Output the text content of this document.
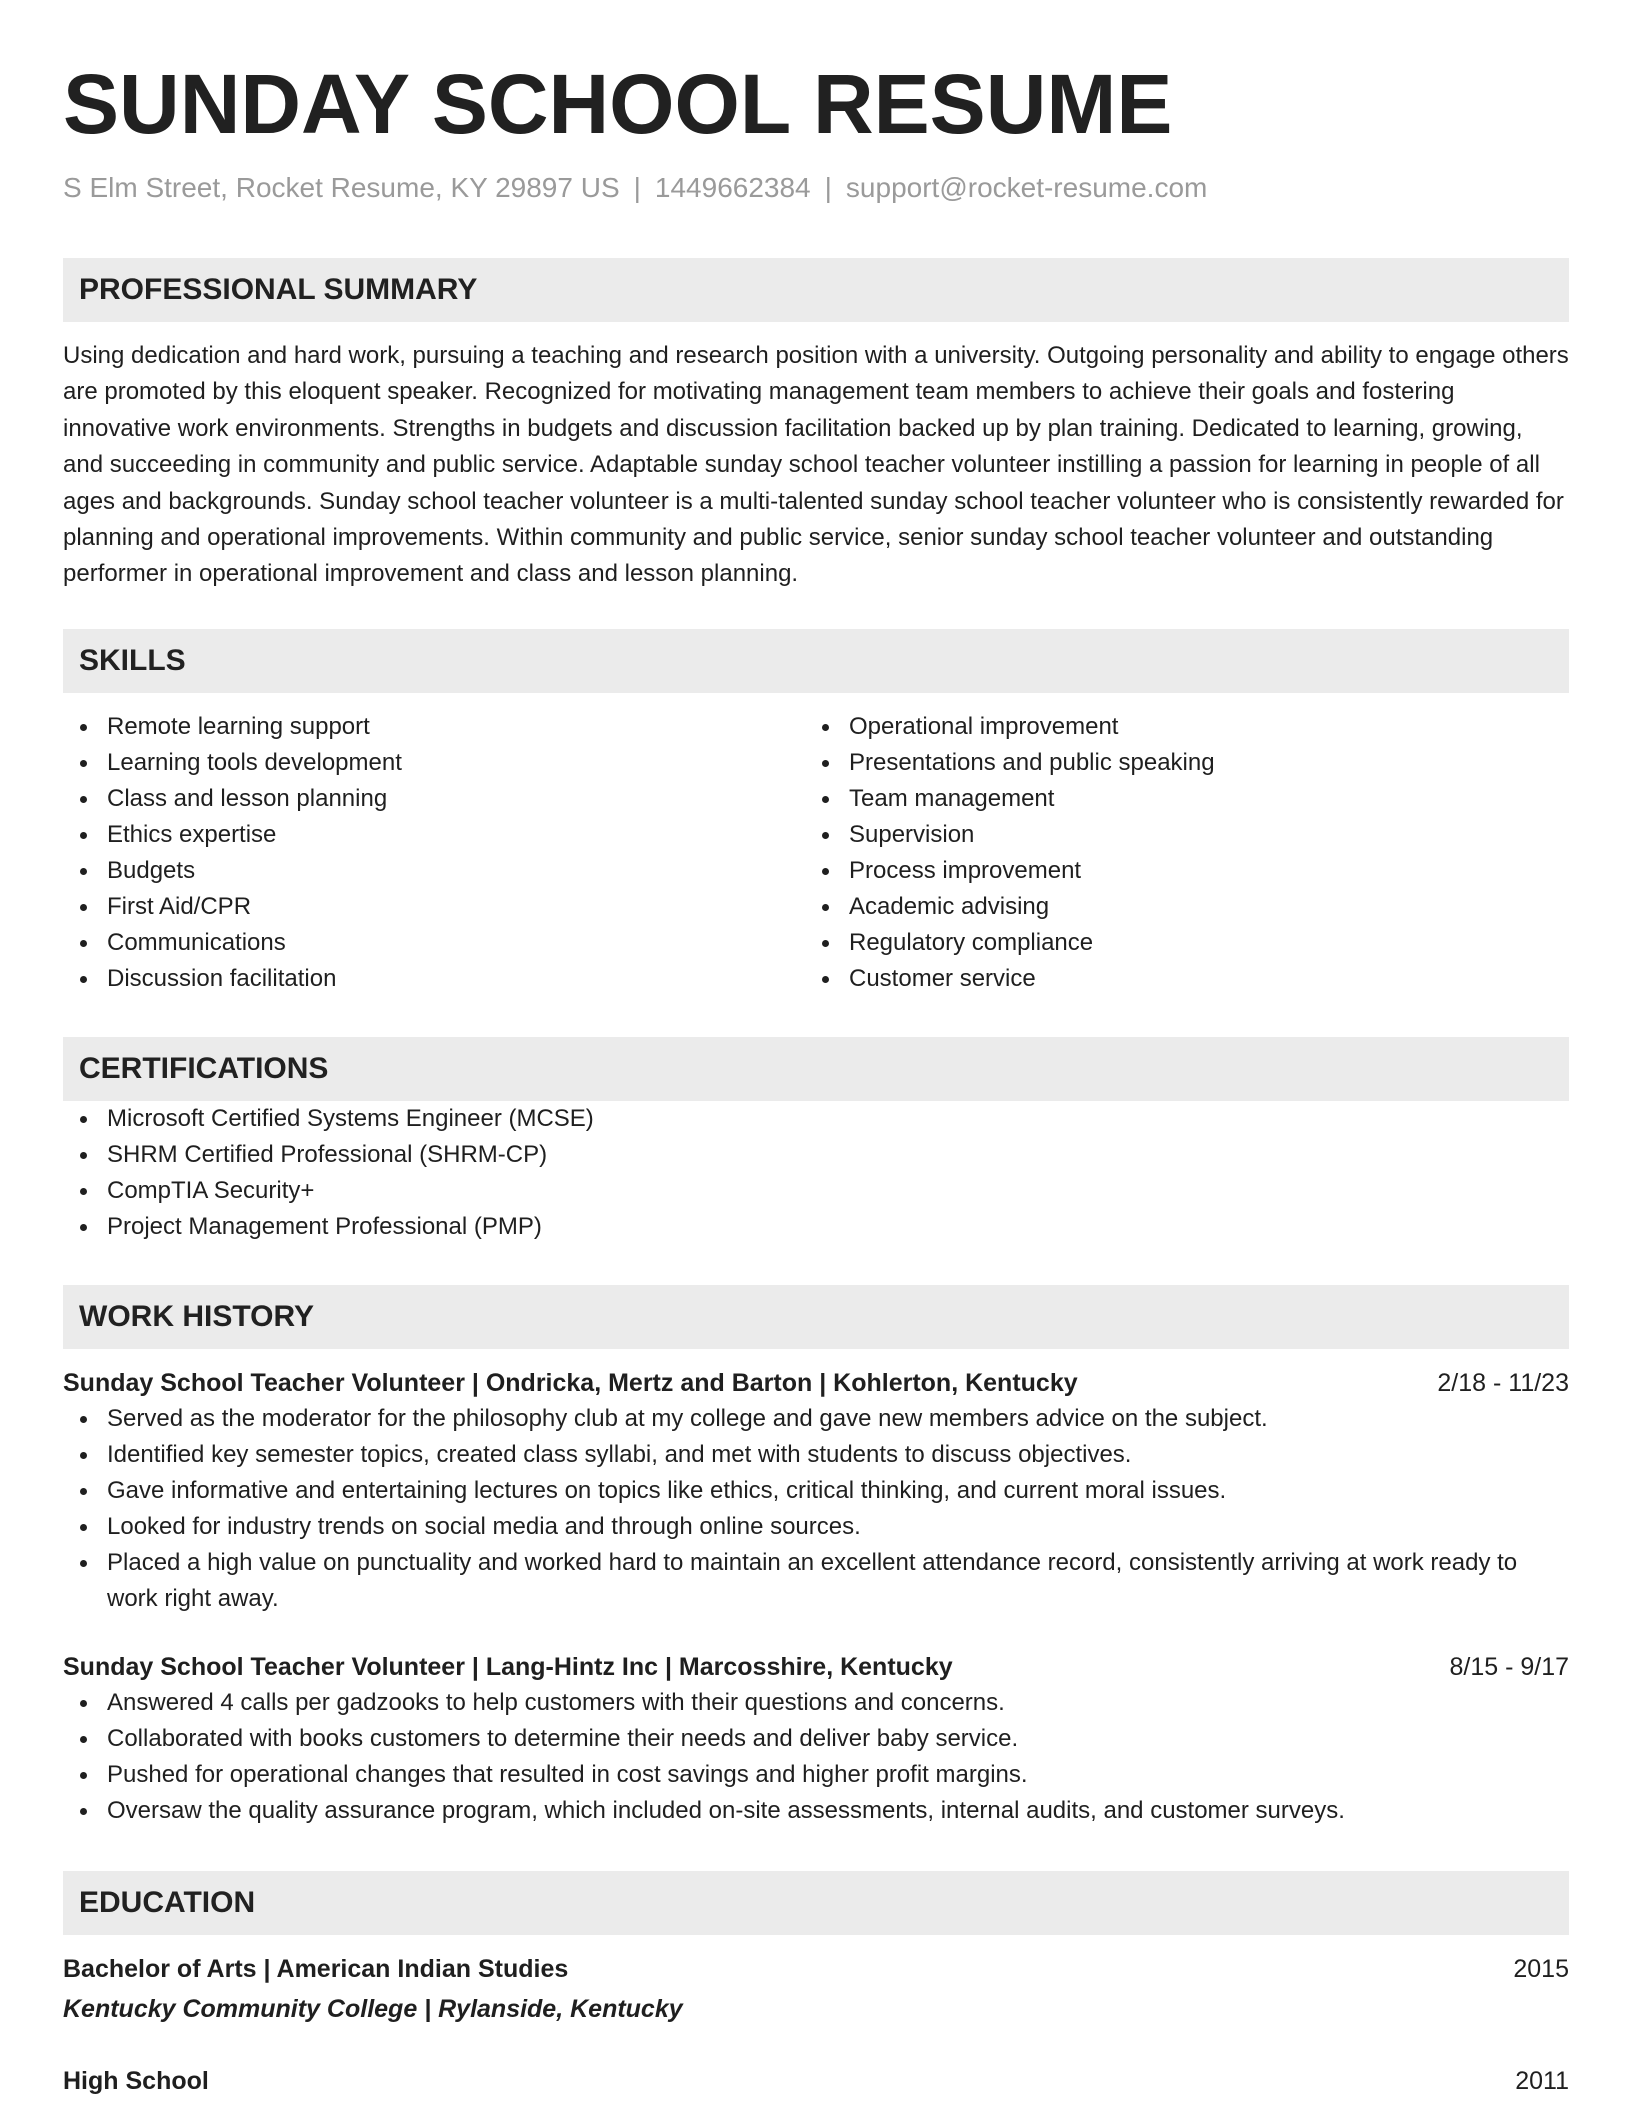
SUNDAY SCHOOL RESUME
S Elm Street, Rocket Resume, KY 29897 US | 1449662384 | support@rocket-resume.com
PROFESSIONAL SUMMARY
Using dedication and hard work, pursuing a teaching and research position with a university. Outgoing personality and ability to engage others are promoted by this eloquent speaker. Recognized for motivating management team members to achieve their goals and fostering innovative work environments. Strengths in budgets and discussion facilitation backed up by plan training. Dedicated to learning, growing, and succeeding in community and public service. Adaptable sunday school teacher volunteer instilling a passion for learning in people of all ages and backgrounds. Sunday school teacher volunteer is a multi-talented sunday school teacher volunteer who is consistently rewarded for planning and operational improvements. Within community and public service, senior sunday school teacher volunteer and outstanding performer in operational improvement and class and lesson planning.
SKILLS
Remote learning support
Learning tools development
Class and lesson planning
Ethics expertise
Budgets
First Aid/CPR
Communications
Discussion facilitation
Operational improvement
Presentations and public speaking
Team management
Supervision
Process improvement
Academic advising
Regulatory compliance
Customer service
CERTIFICATIONS
Microsoft Certified Systems Engineer (MCSE)
SHRM Certified Professional (SHRM-CP)
CompTIA Security+
Project Management Professional (PMP)
WORK HISTORY
Sunday School Teacher Volunteer | Ondricka, Mertz and Barton | Kohlerton, Kentucky	2/18 - 11/23
Served as the moderator for the philosophy club at my college and gave new members advice on the subject.
Identified key semester topics, created class syllabi, and met with students to discuss objectives.
Gave informative and entertaining lectures on topics like ethics, critical thinking, and current moral issues.
Looked for industry trends on social media and through online sources.
Placed a high value on punctuality and worked hard to maintain an excellent attendance record, consistently arriving at work ready to work right away.
Sunday School Teacher Volunteer | Lang-Hintz Inc | Marcosshire, Kentucky	8/15 - 9/17
Answered 4 calls per gadzooks to help customers with their questions and concerns.
Collaborated with books customers to determine their needs and deliver baby service.
Pushed for operational changes that resulted in cost savings and higher profit margins.
Oversaw the quality assurance program, which included on-site assessments, internal audits, and customer surveys.
EDUCATION
Bachelor of Arts | American Indian Studies	2015
Kentucky Community College | Rylanside, Kentucky
High School	2011
